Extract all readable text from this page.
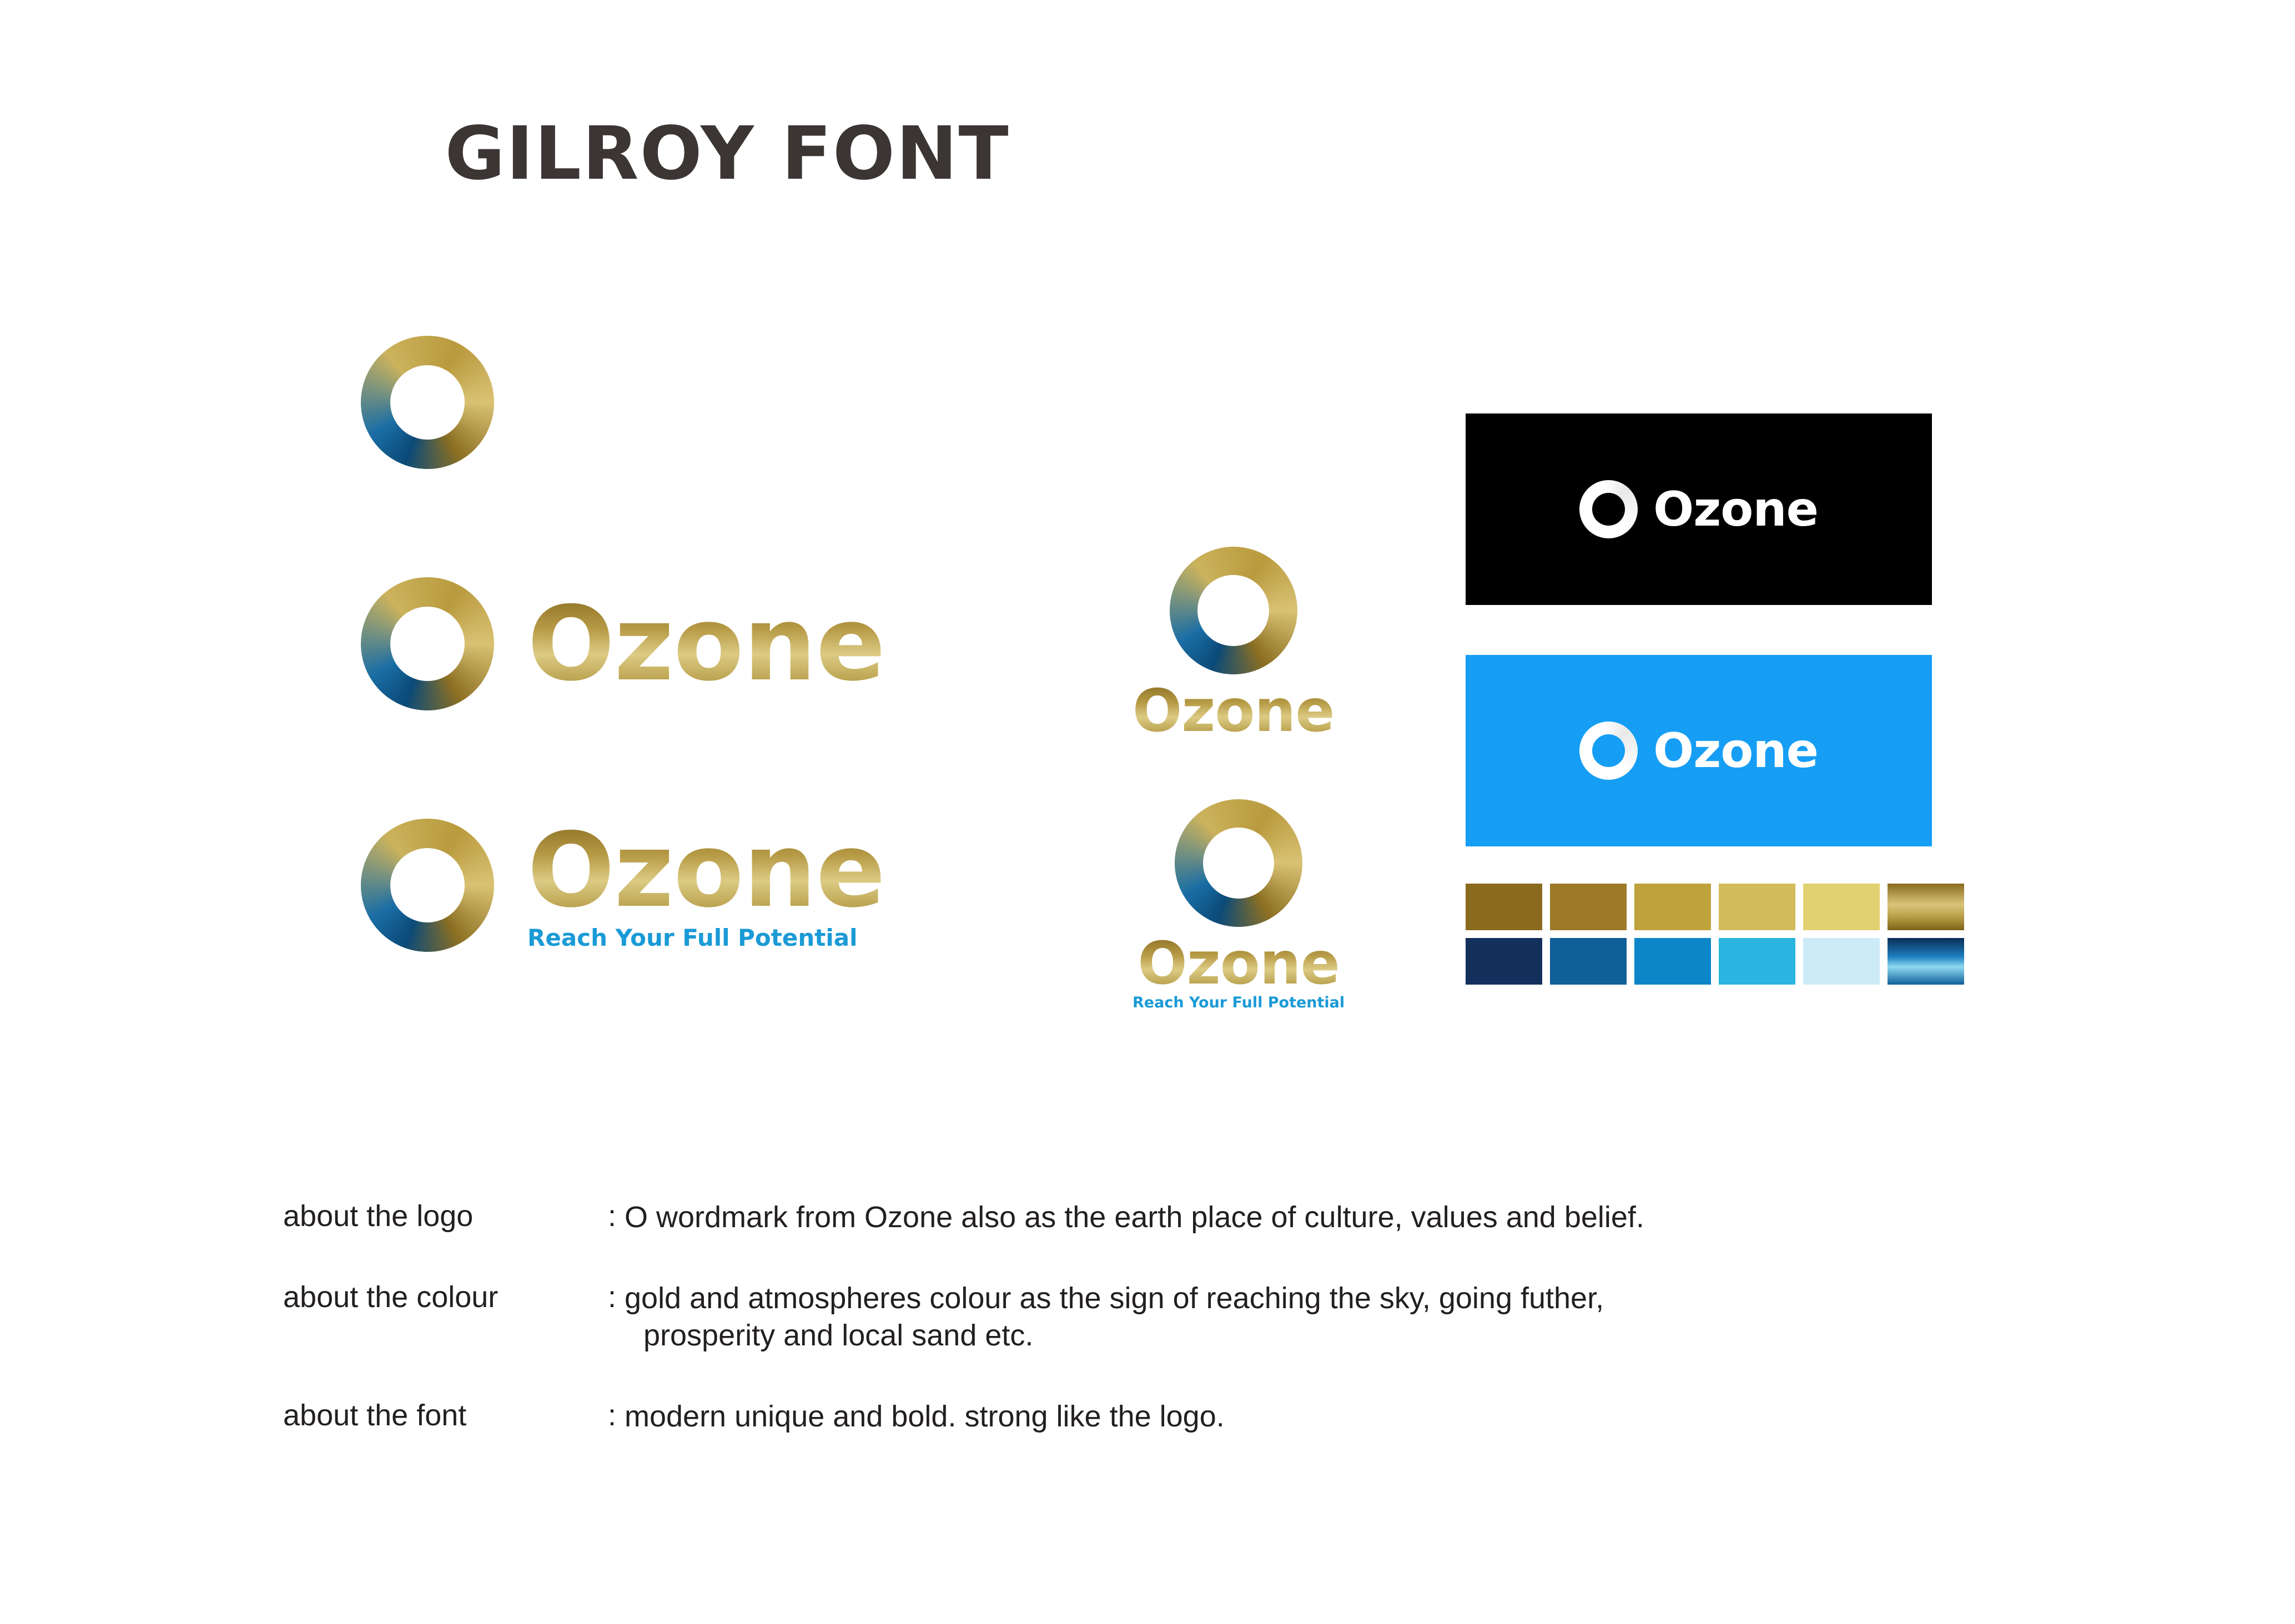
GILROY FONT
Ozone
Ozone
Reach Your Full Potential
Ozone
Ozone
Reach Your Full Potential
Ozone
Ozone
about the logo	: O wordmark from Ozone also as the earth place of culture, values and belief.
about the colour	: gold and atmospheres colour as the sign of reaching the sky, going futher,
prosperity and local sand etc.
about the font	: modern unique and bold. strong like the logo.
